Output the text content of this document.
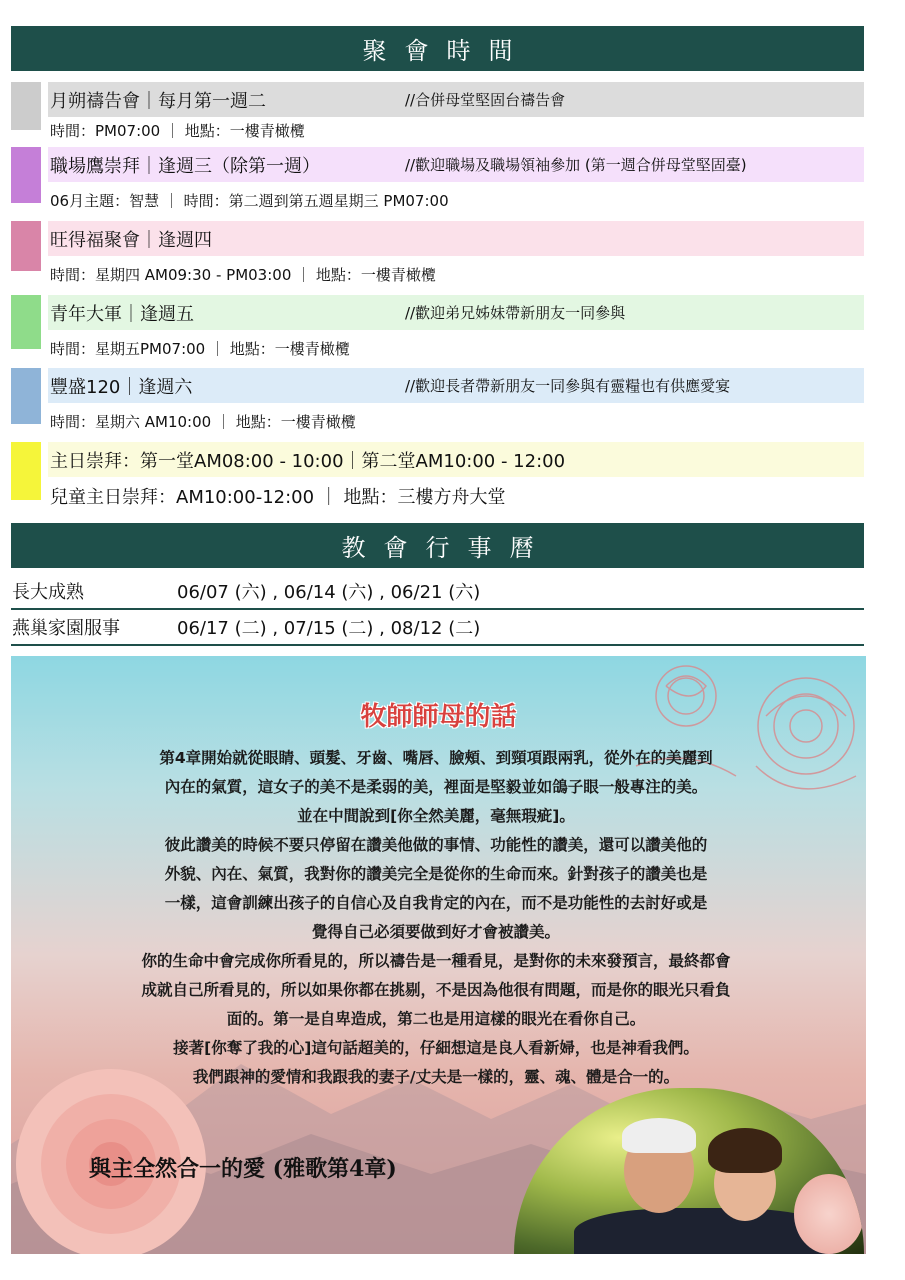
聚會時間
月朔禱告會｜每月第一週二	//合併母堂堅固台禱告會
時間：PM07:00 ｜ 地點：一樓青橄欖
職場鷹崇拜｜逢週三（除第一週）	//歡迎職場及職場領袖參加 (第一週合併母堂堅固臺)
06月主題：智慧 ｜ 時間：第二週到第五週星期三 PM07:00
旺得福聚會｜逢週四
時間：星期四 AM09:30 - PM03:00 ｜ 地點：一樓青橄欖
青年大軍｜逢週五	//歡迎弟兄姊妹帶新朋友一同參與
時間：星期五PM07:00 ｜ 地點：一樓青橄欖
豐盛120｜逢週六	//歡迎長者帶新朋友一同參與有靈糧也有供應愛宴
時間：星期六 AM10:00 ｜ 地點：一樓青橄欖
主日崇拜：第一堂AM08:00 - 10:00｜第二堂AM10:00 - 12:00
兒童主日崇拜：AM10:00-12:00 ｜ 地點：三樓方舟大堂
教會行事曆
長大成熟	06/07 (六) , 06/14 (六) , 06/21 (六)
燕巢家園服事	06/17 (二) , 07/15 (二) , 08/12 (二)
牧師師母的話

第4章開始就從眼睛、頭髮、牙齒、嘴唇、臉頰、到頸項跟兩乳，從外在的美麗到

內在的氣質，這女子的美不是柔弱的美，裡面是堅毅並如鴿子眼一般專注的美。

並在中間說到[你全然美麗，毫無瑕疵]。

彼此讚美的時候不要只停留在讚美他做的事情、功能性的讚美，還可以讚美他的

外貌、內在、氣質，我對你的讚美完全是從你的生命而來。針對孩子的讚美也是

一樣，這會訓練出孩子的自信心及自我肯定的內在，而不是功能性的去討好或是

覺得自己必須要做到好才會被讚美。

你的生命中會完成你所看見的，所以禱告是一種看見，是對你的未來發預言，最終都會

成就自己所看見的，所以如果你都在挑剔，不是因為他很有問題，而是你的眼光只看負

面的。第一是自卑造成，第二也是用這樣的眼光在看你自己。

接著[你奪了我的心]這句話超美的，仔細想這是良人看新婦，也是神看我們。

我們跟神的愛情和我跟我的妻子/丈夫是一樣的，靈、魂、體是合一的。

與主全然合一的愛 (雅歌第4章)
